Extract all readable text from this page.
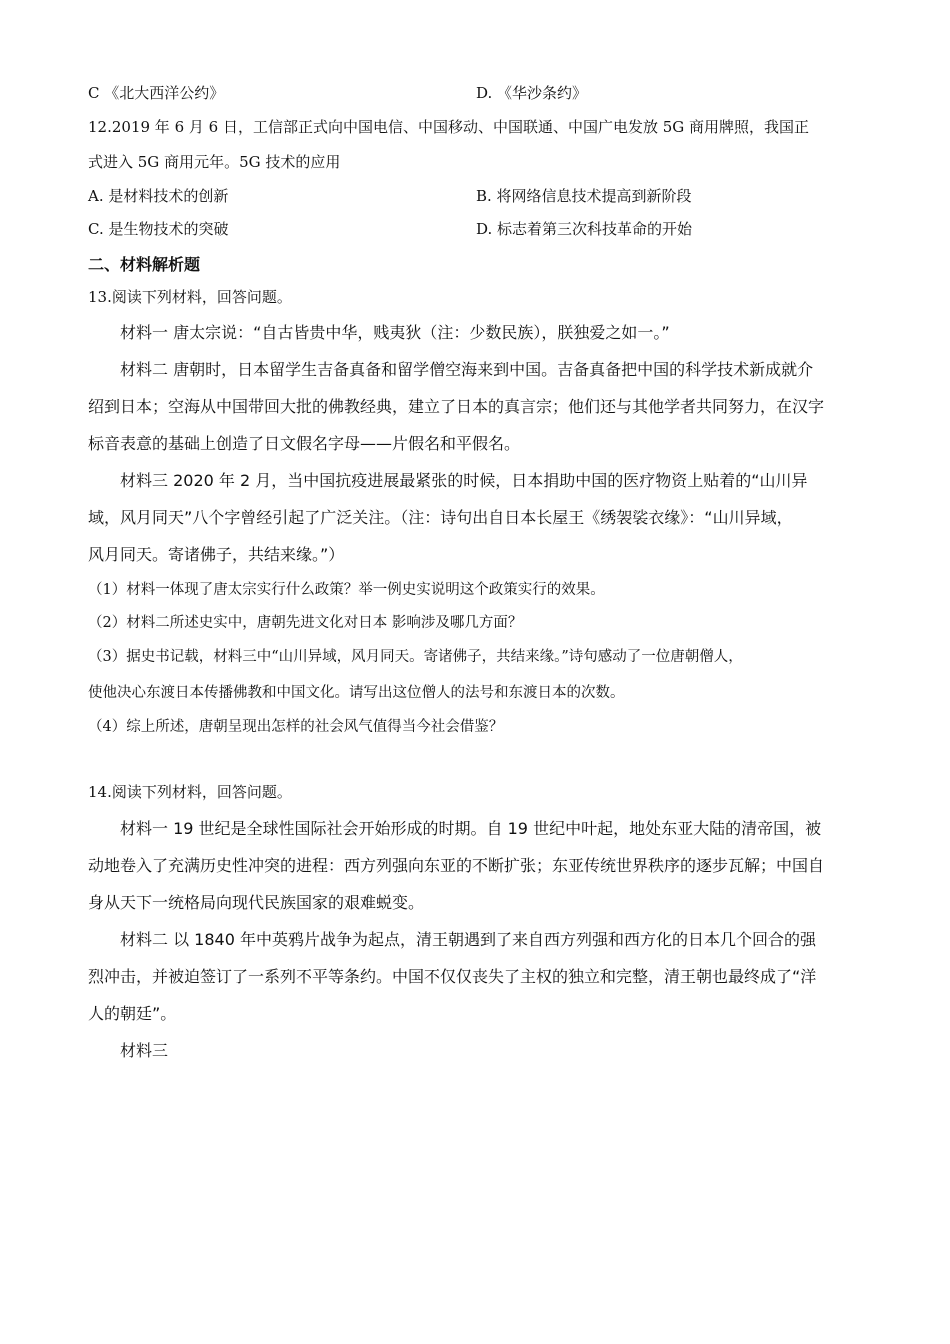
C 《北大西洋公约》	D. 《华沙条约》
12.2019 年 6 月 6 日，工信部正式向中国电信、中国移动、中国联通、中国广电发放 5G 商用牌照，我国正
式进入 5G 商用元年。5G 技术的应用
A. 是材料技术的创新	B. 将网络信息技术提高到新阶段
C. 是生物技术的突破	D. 标志着第三次科技革命的开始
二、材料解析题
13.阅读下列材料，回答问题。
材料一 唐太宗说：“自古皆贵中华，贱夷狄（注：少数民族），朕独爱之如一。”
材料二 唐朝时，日本留学生吉备真备和留学僧空海来到中国。吉备真备把中国的科学技术新成就介
绍到日本；空海从中国带回大批的佛教经典，建立了日本的真言宗；他们还与其他学者共同努力，在汉字
标音表意的基础上创造了日文假名字母——片假名和平假名。
材料三 2020 年 2 月，当中国抗疫进展最紧张的时候，日本捐助中国的医疗物资上贴着的“山川异
域，风月同天”八个字曾经引起了广泛关注。（注：诗句出自日本长屋王《绣袈裟衣缘》：“山川异域，
风月同天。寄诸佛子，共结来缘。”）
（1）材料一体现了唐太宗实行什么政策？举一例史实说明这个政策实行的效果。
（2）材料二所述史实中，唐朝先进文化对日本 影响涉及哪几方面？
（3）据史书记载，材料三中“山川异域，风月同天。寄诸佛子，共结来缘。”诗句感动了一位唐朝僧人，
使他决心东渡日本传播佛教和中国文化。请写出这位僧人的法号和东渡日本的次数。
（4）综上所述，唐朝呈现出怎样的社会风气值得当今社会借鉴？
14.阅读下列材料，回答问题。
材料一 19 世纪是全球性国际社会开始形成的时期。自 19 世纪中叶起，地处东亚大陆的清帝国，被
动地卷入了充满历史性冲突的进程：西方列强向东亚的不断扩张；东亚传统世界秩序的逐步瓦解；中国自
身从天下一统格局向现代民族国家的艰难蜕变。
材料二 以 1840 年中英鸦片战争为起点，清王朝遇到了来自西方列强和西方化的日本几个回合的强
烈冲击，并被迫签订了一系列不平等条约。中国不仅仅丧失了主权的独立和完整，清王朝也最终成了“洋
人的朝廷”。
材料三
